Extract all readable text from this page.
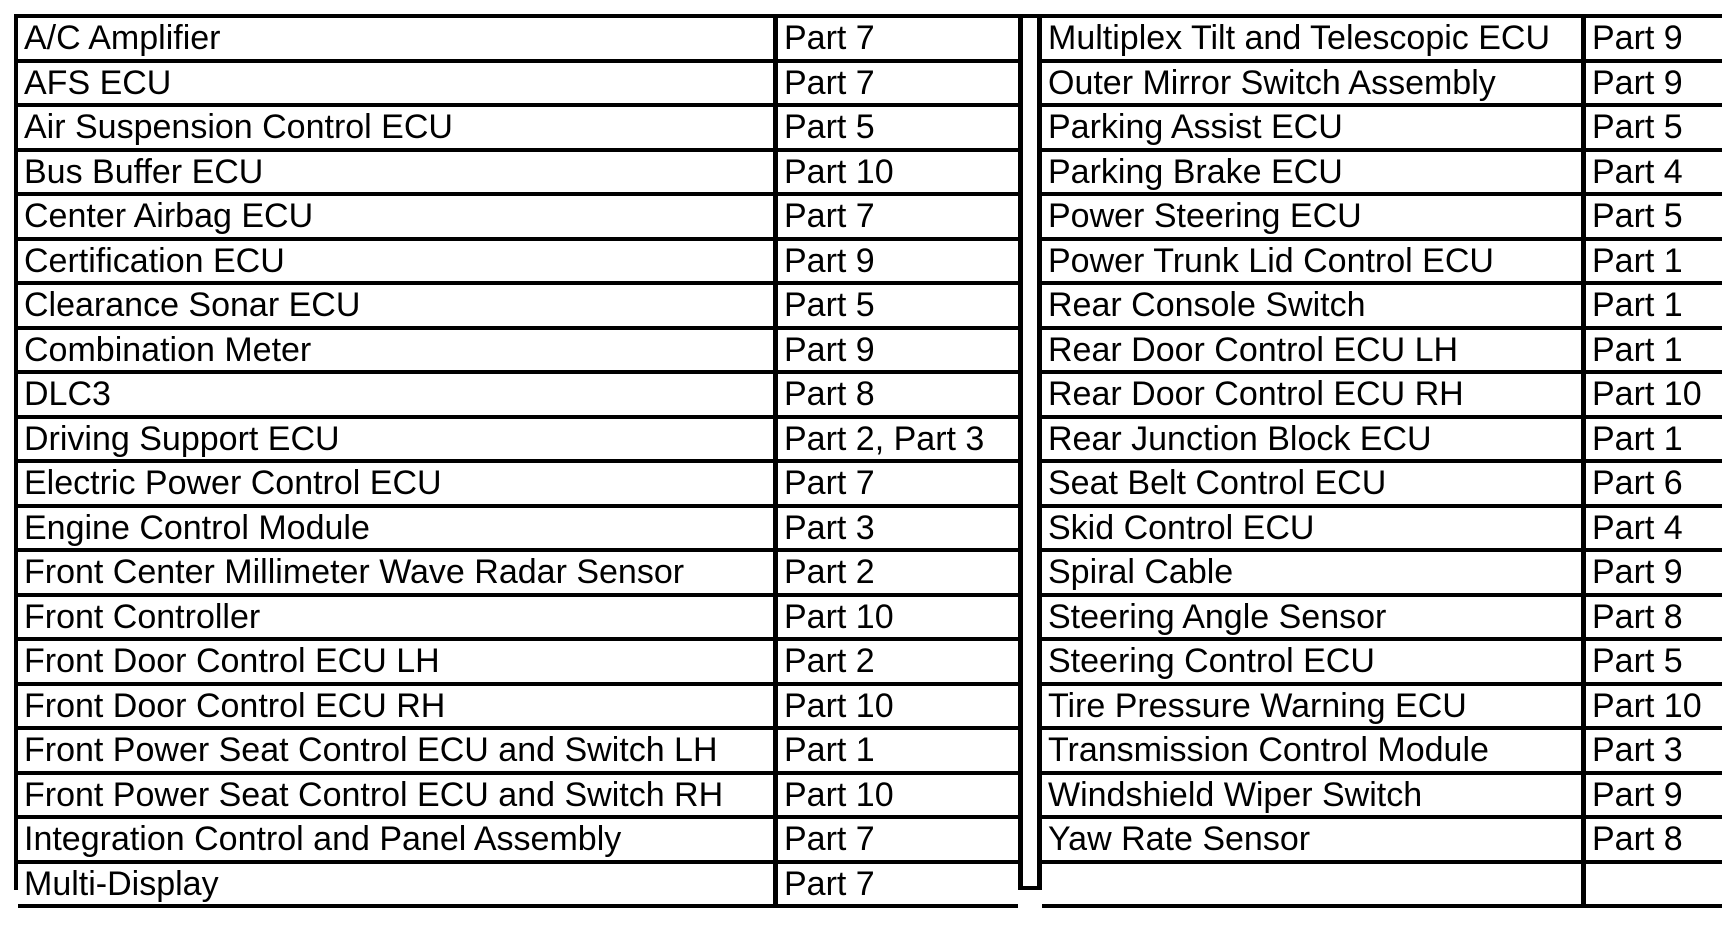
A/C Amplifier	Part 7
AFS ECU	Part 7
Air Suspension Control ECU	Part 5
Bus Buffer ECU	Part 10
Center Airbag ECU	Part 7
Certification ECU	Part 9
Clearance Sonar ECU	Part 5
Combination Meter	Part 9
DLC3	Part 8
Driving Support ECU	Part 2, Part 3
Electric Power Control ECU	Part 7
Engine Control Module	Part 3
Front Center Millimeter Wave Radar Sensor	Part 2
Front Controller	Part 10
Front Door Control ECU LH	Part 2
Front Door Control ECU RH	Part 10
Front Power Seat Control ECU and Switch LH	Part 1
Front Power Seat Control ECU and Switch RH	Part 10
Integration Control and Panel Assembly	Part 7
Multi-Display	Part 7
Multiplex Tilt and Telescopic ECU	Part 9
Outer Mirror Switch Assembly	Part 9
Parking Assist ECU	Part 5
Parking Brake ECU	Part 4
Power Steering ECU	Part 5
Power Trunk Lid Control ECU	Part 1
Rear Console Switch	Part 1
Rear Door Control ECU LH	Part 1
Rear Door Control ECU RH	Part 10
Rear Junction Block ECU	Part 1
Seat Belt Control ECU	Part 6
Skid Control ECU	Part 4
Spiral Cable	Part 9
Steering Angle Sensor	Part 8
Steering Control ECU	Part 5
Tire Pressure Warning ECU	Part 10
Transmission Control Module	Part 3
Windshield Wiper Switch	Part 9
Yaw Rate Sensor	Part 8
